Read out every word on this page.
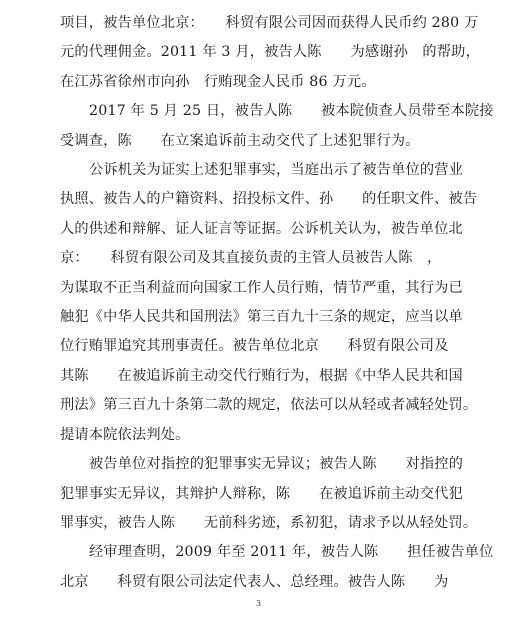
项目，被告单位北京：　　科贸有限公司因而获得人民币约 280 万
元的代理佣金。2011 年 3 月，被告人陈　　为感谢孙　的帮助，
在江苏省徐州市向孙　行贿现金人民币 86 万元。
2017 年 5 月 25 日，被告人陈　　被本院侦查人员带至本院接
受调查，陈　　在立案追诉前主动交代了上述犯罪行为。
公诉机关为证实上述犯罪事实，当庭出示了被告单位的营业
执照、被告人的户籍资料、招投标文件、孙　　的任职文件、被告
人的供述和辩解、证人证言等证据。公诉机关认为，被告单位北
京：　　科贸有限公司及其直接负责的主管人员被告人陈　，
为谋取不正当利益而向国家工作人员行贿，情节严重，其行为已
触犯《中华人民共和国刑法》第三百九十三条的规定，应当以单
位行贿罪追究其刑事责任。被告单位北京　　科贸有限公司及
其陈　　在被追诉前主动交代行贿行为，根据《中华人民共和国
刑法》第三百九十条第二款的规定，依法可以从轻或者减轻处罚。
提请本院依法判处。
被告单位对指控的犯罪事实无异议；被告人陈　　对指控的
犯罪事实无异议，其辩护人辩称，陈　　在被追诉前主动交代犯
罪事实，被告人陈　　无前科劣迹，系初犯，请求予以从轻处罚。
经审理查明，2009 年至 2011 年，被告人陈　　担任被告单位
北京　　科贸有限公司法定代表人、总经理。被告人陈　　为
3
